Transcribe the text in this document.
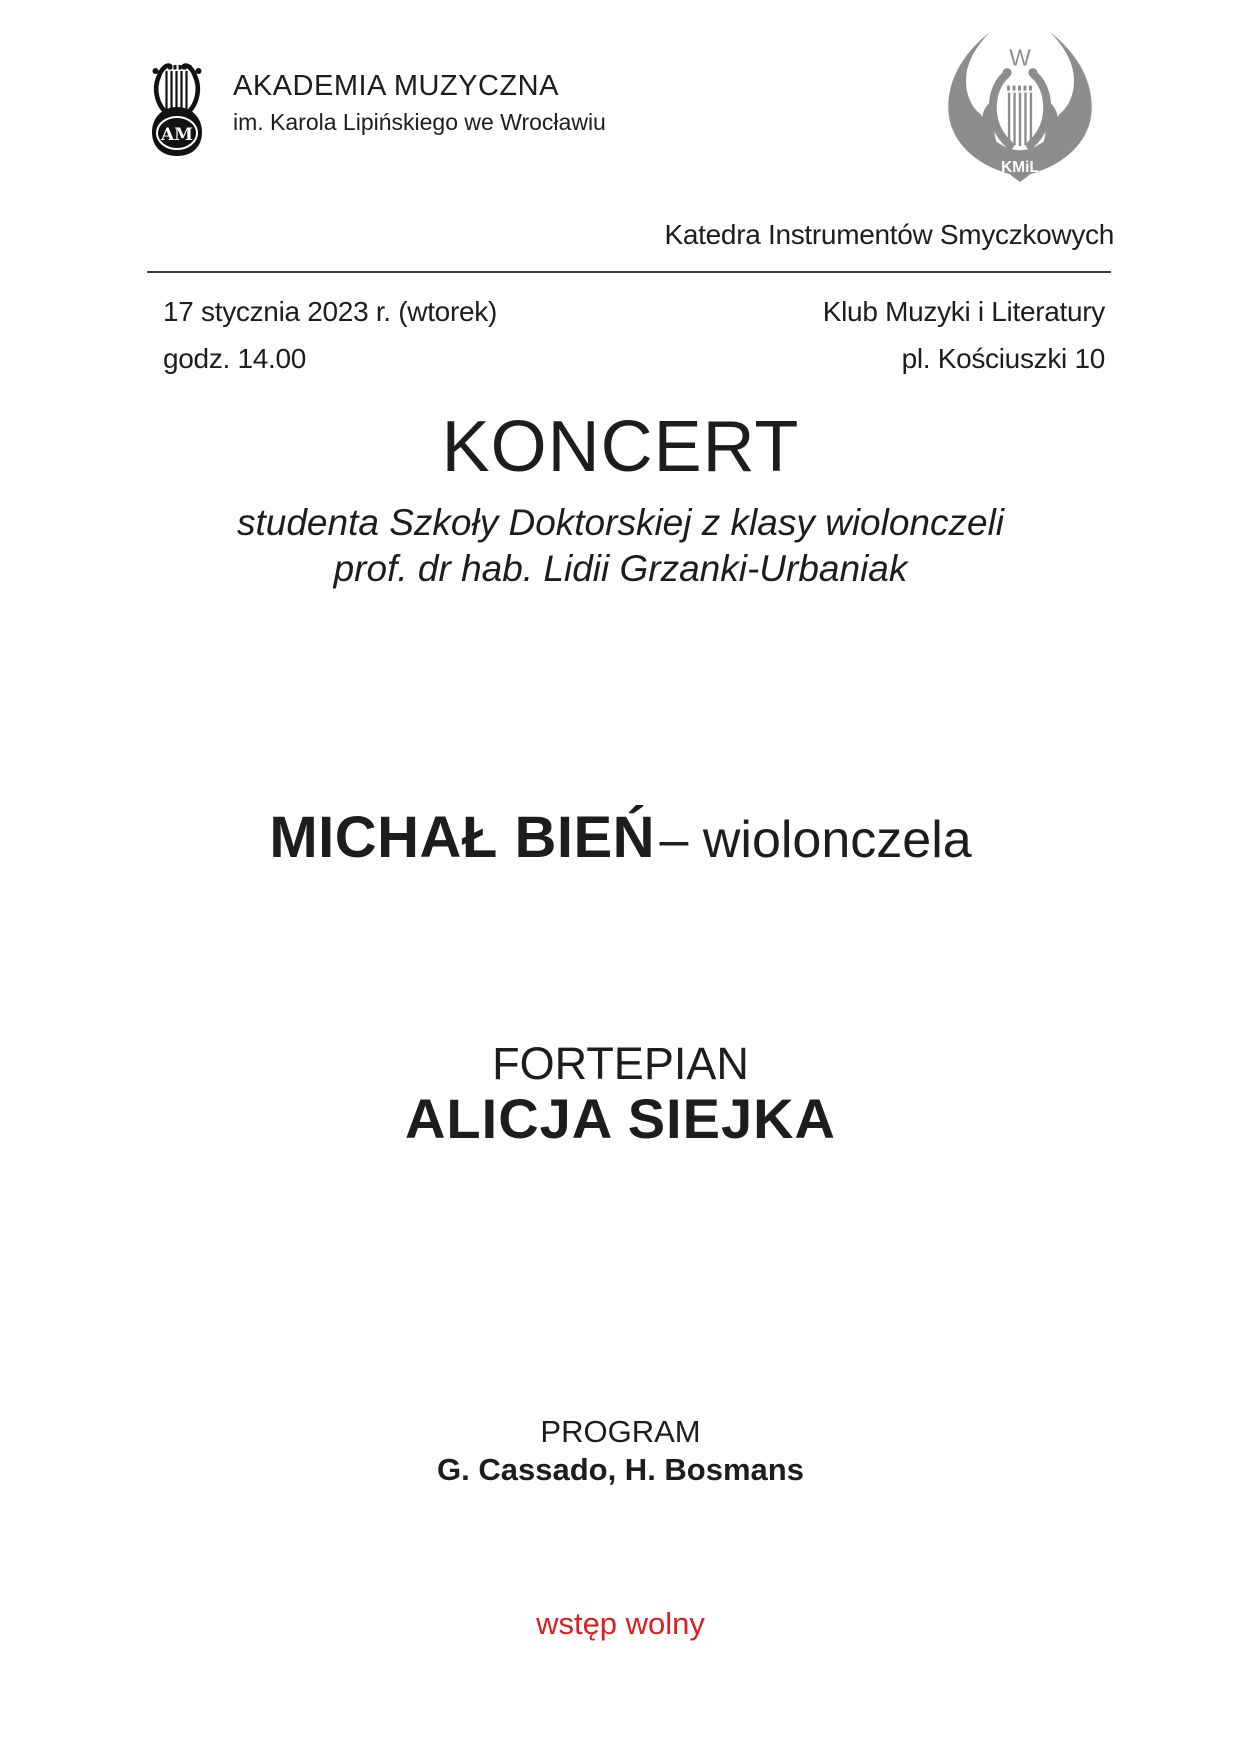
AM
AKADEMIA MUZYCZNA
im. Karola Lipińskiego we Wrocławiu
W
KMiL
Katedra Instrumentów Smyczkowych
17 stycznia 2023 r. (wtorek)	Klub Muzyki i Literatury
godz. 14.00	pl. Kościuszki 10
KONCERT
studenta Szkoły Doktorskiej z klasy wiolonczeli
prof. dr hab. Lidii Grzanki-Urbaniak
MICHAŁ BIEŃ – wiolonczela
FORTEPIAN
ALICJA SIEJKA
PROGRAM
G. Cassado, H. Bosmans
wstęp wolny
